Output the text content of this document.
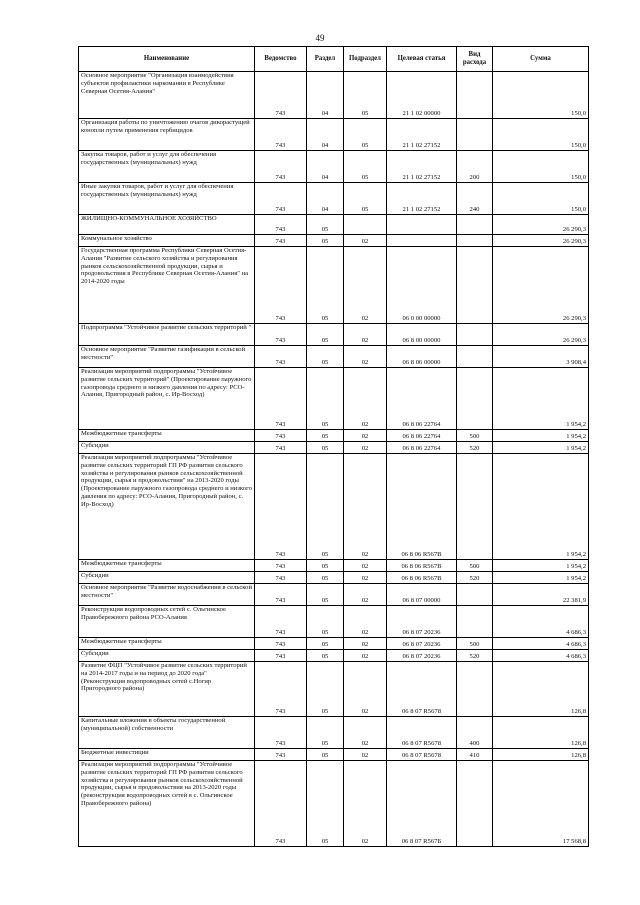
49
Наименование	Ведомство	Раздел	Подраздел	Целевая статья	Вид расхода	Сумма
Основное мероприятие "Организация взаимодействия субъектов профилактики наркомании в Республике Северная Осетия-Алания"	743	04	05	21 1 02 00000		150,0
Организация работы по уничтожению очагов дикорастущей конопли путем применения гербицидов	743	04	05	21 1 02 27152		150,0
Закупка товаров, работ и услуг для обеспечения государственных (муниципальных) нужд	743	04	05	21 1 02 27152	200	150,0
Иные закупки товаров, работ и услуг для обеспечения государственных (муниципальных) нужд	743	04	05	21 1 02 27152	240	150,0
ЖИЛИЩНО-КОММУНАЛЬНОЕ ХОЗЯЙСТВО	743	05				26 290,3
Коммунальное хозяйство	743	05	02			26 290,3
Государственная программа Республики Северная Осетия-Алания "Развитие сельского хозяйства и регулирования рынков сельскохозяйственной продукции, сырья и продовольствия в Республике Северная Осетия-Алания" на 2014-2020 годы	743	05	02	06 0 00 00000		26 290,3
Подпрограмма "Устойчивое развитие сельских территорий "	743	05	02	06 8 00 00000		26 290,3
Основное мероприятие "Развитие газификации в сельской местности"	743	05	02	06 8 06 00000		3 908,4
Реализация мероприятий подпрограммы "Устойчивое развитие сельских территорий" (Проектирование паружного газопровода среднего и низкого давления по адресу: РСО-Алания, Пригородный район, с. Ир-Восход)	743	05	02	06 8 06 22764		1 954,2
Межбюджетные трансферты	743	05	02	06 8 06 22764	500	1 954,2
Субсидии	743	05	02	06 8 06 22764	520	1 954,2
Реализация мероприятий подпрограммы "Устойчивое развитие сельских территорий ГП РФ развития сельского хозяйства и регулирования рынков сельскохозяйственной продукции, сырья и продовольствия" на 2013-2020 годы (Проектирование паружного газопровода среднего и низкого давления по адресу: РСО-Алания, Пригородный район, с. Ир-Восход)	743	05	02	06 8 06 R567B		1 954,2
Межбюджетные трансферты	743	05	02	06 8 06 R567B	500	1 954,2
Субсидии	743	05	02	06 8 06 R567B	520	1 954,2
Основное мероприятие "Развитие водоснабжения в сельской местности"	743	05	02	06 8 07 00000		22 381,9
Реконструкция водопроводных сетей с. Ольгинское Правобережного района РСО-Алания	743	05	02	06 8 07 20236		4 686,3
Межбюджетные трансферты	743	05	02	06 8 07 20236	500	4 686,3
Субсидии	743	05	02	06 8 07 20236	520	4 686,3
Развитие ФЦП "Устойчивое развитие сельских территорий на 2014-2017 годы и на период до 2020 года" (Реконструкция водопроводных сетей с.Ногир Пригородного района)	743	05	02	06 8 07 R5678		126,8
Капитальные вложения в объекты государственной (муниципальной) собственности	743	05	02	06 8 07 R5678	400	126,8
Бюджетные инвестиции	743	05	02	06 8 07 R5678	410	126,8
Реализация мероприятий подпрограммы "Устойчивое развитие сельских территорий ГП РФ развития сельского хозяйства и регулирования рынков сельскохозяйственной продукции, сырья и продовольствия на 2013-2020 годы (реконструкция водопроводных сетей в с. Ольгинское Правобережного района)	743	05	02	06 8 07 R567Б		17 568,8
